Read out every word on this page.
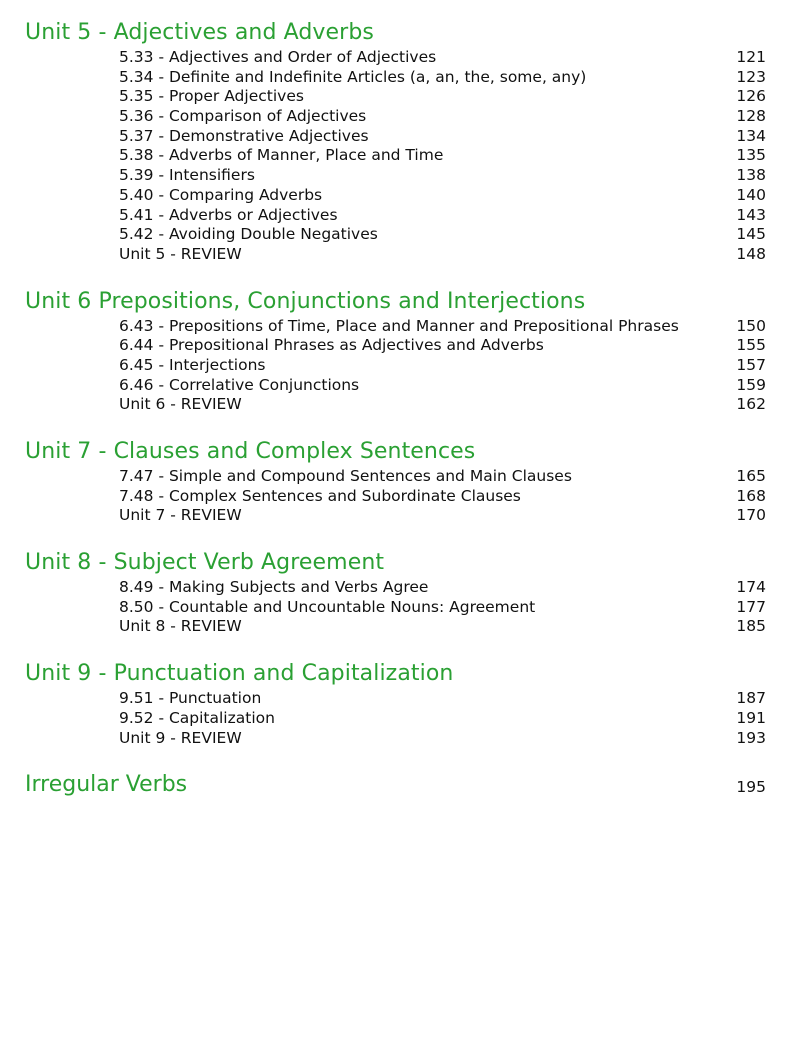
Unit 5 - Adjectives and Adverbs
5.33 - Adjectives and Order of Adjectives	121
5.34 - Definite and Indefinite Articles (a, an, the, some, any)	123
5.35 - Proper Adjectives	126
5.36 - Comparison of Adjectives	128
5.37 - Demonstrative Adjectives	134
5.38 - Adverbs of Manner, Place and Time	135
5.39 - Intensifiers	138
5.40 - Comparing Adverbs	140
5.41 - Adverbs or Adjectives	143
5.42 - Avoiding Double Negatives	145
Unit 5 - REVIEW	148
Unit 6 Prepositions, Conjunctions and Interjections
6.43 - Prepositions of Time, Place and Manner and Prepositional Phrases	150
6.44 - Prepositional Phrases as Adjectives and Adverbs	155
6.45 - Interjections	157
6.46 - Correlative Conjunctions	159
Unit 6 - REVIEW	162
Unit 7 - Clauses and Complex Sentences
7.47 - Simple and Compound Sentences and Main Clauses	165
7.48 - Complex Sentences and Subordinate Clauses	168
Unit 7 - REVIEW	170
Unit 8 - Subject Verb Agreement
8.49 - Making Subjects and Verbs Agree	174
8.50 - Countable and Uncountable Nouns: Agreement	177
Unit 8 - REVIEW	185
Unit 9 - Punctuation and Capitalization
9.51 - Punctuation	187
9.52 - Capitalization	191
Unit 9 - REVIEW	193
Irregular Verbs	195
